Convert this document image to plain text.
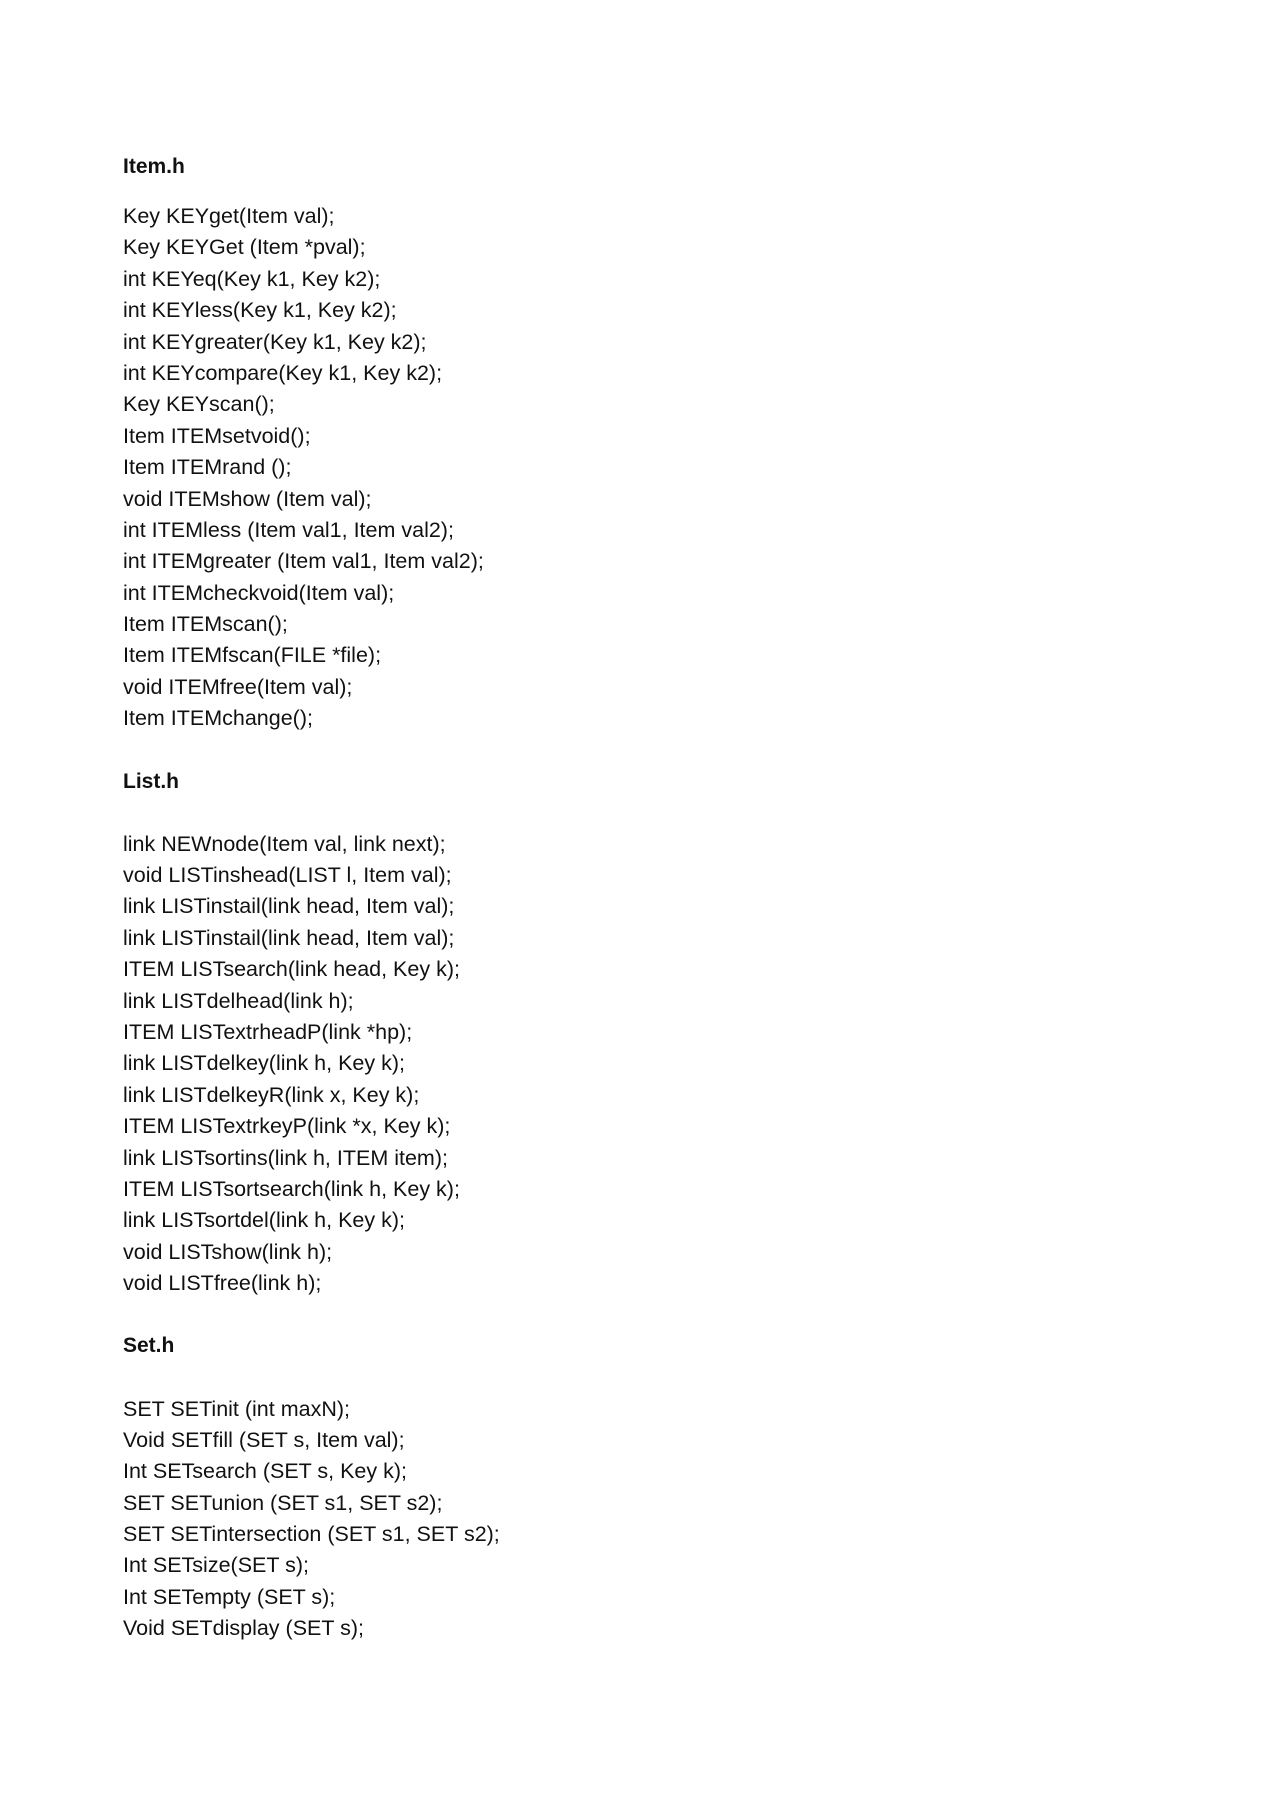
Item.h
Key KEYget(Item val);
Key KEYGet (Item *pval);
int KEYeq(Key k1, Key k2);
int KEYless(Key k1, Key k2);
int KEYgreater(Key k1, Key k2);
int KEYcompare(Key k1, Key k2);
Key KEYscan();
Item ITEMsetvoid();
Item ITEMrand ();
void ITEMshow (Item val);
int ITEMless (Item val1, Item val2);
int ITEMgreater (Item val1, Item val2);
int ITEMcheckvoid(Item val);
Item ITEMscan();
Item ITEMfscan(FILE *file);
void ITEMfree(Item val);
Item ITEMchange();
List.h
link NEWnode(Item val, link next);
void LISTinshead(LIST l, Item val);
link LISTinstail(link head, Item val);
link LISTinstail(link head, Item val);
ITEM LISTsearch(link head, Key k);
link LISTdelhead(link h);
ITEM LISTextrheadP(link *hp);
link LISTdelkey(link h, Key k);
link LISTdelkeyR(link x, Key k);
ITEM LISTextrkeyP(link *x, Key k);
link LISTsortins(link h, ITEM item);
ITEM LISTsortsearch(link h, Key k);
link LISTsortdel(link h, Key k);
void LISTshow(link h);
void LISTfree(link h);
Set.h
SET SETinit (int maxN);
Void SETfill (SET s, Item val);
Int SETsearch (SET s, Key k);
SET SETunion (SET s1, SET s2);
SET SETintersection (SET s1, SET s2);
Int SETsize(SET s);
Int SETempty (SET s);
Void SETdisplay (SET s);
